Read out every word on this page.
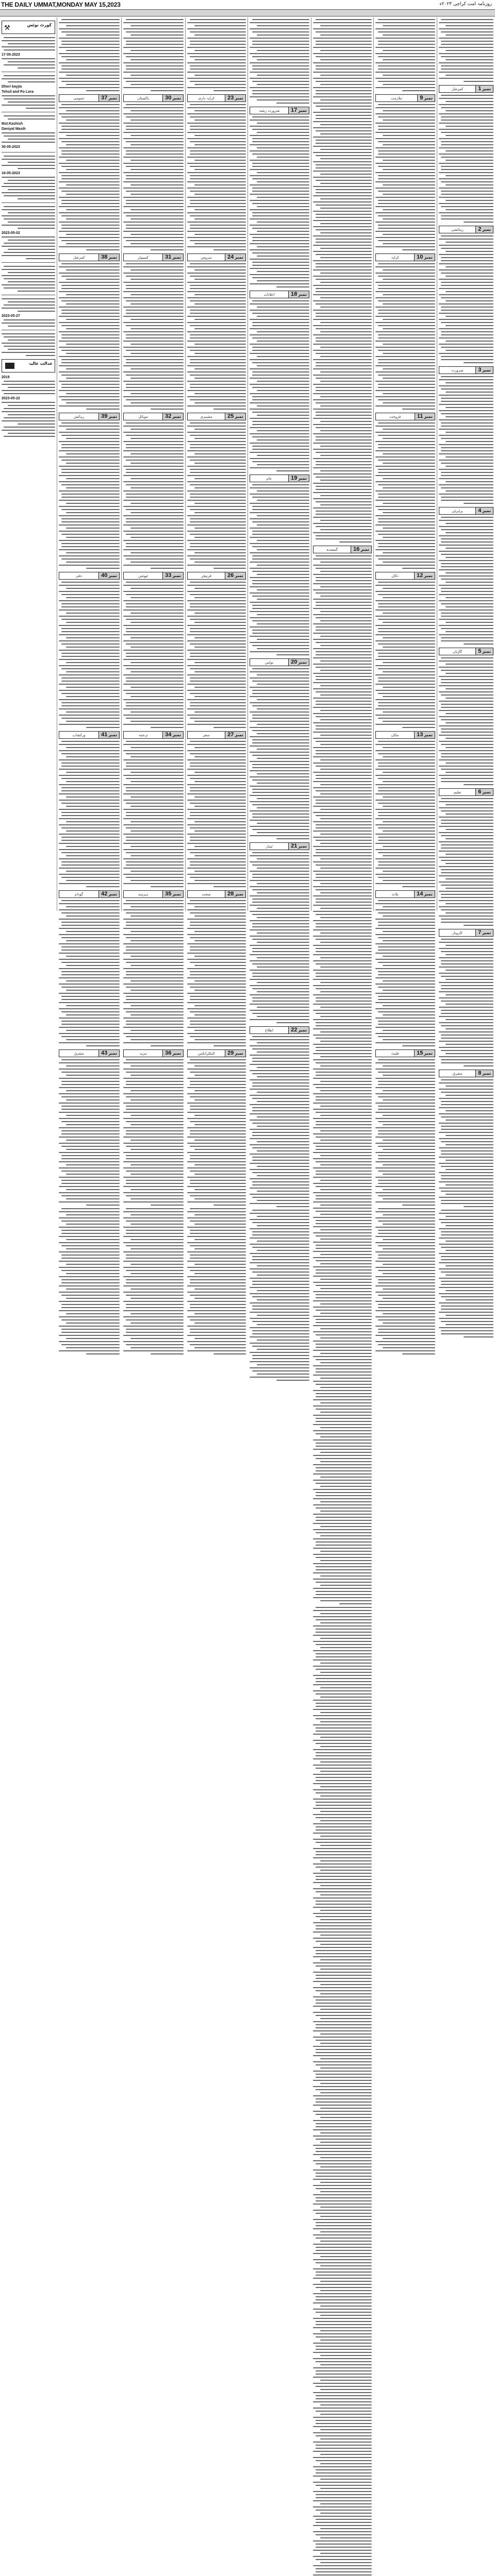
THE DAILY UMMAT,MONDAY MAY 15,2023	روزنامہ امت کراچی ۲۰۲۳ء
⚒	کورٹ نوٹس
17-05-2023
Dheri kayjia
Tehsil and Po Lora
Mst.Kashish
Daniyal Masih
30-05-2023
16-05-2023
2023-05-02
2023-05-27
عدالت عالیہ
2019
2023-05-22
نمبر37
عمومی
نمبر38
کمرشل
نمبر39
رہائش
نمبر40
دفتر
نمبر41
ورکشاپ
نمبر42
گودام
نمبر43
متفرق
نمبر30
پاکستان
نمبر31
کمپیوٹر
نمبر32
موبائل
نمبر33
ٹیوشن
نمبر34
ترجمہ
نمبر35
ہنرمند
نمبر36
مزید
نمبر23
کرایہ داری
نمبر24
سروس
نمبر25
مشینری
نمبر26
فرنیچر
نمبر27
سفر
نمبر28
صحت
نمبر29
الیکٹرانکس
نمبر17
ضرورت رشتہ
نمبر18
اعلانات
نمبر19
عام
نمبر20
نوٹس
نمبر21
ٹینڈر
نمبر22
اطلاع
نمبر16
گمشدہ
نمبر9
ملازمت
نمبر10
کرایہ
نمبر11
فروخت
نمبر12
دکان
نمبر13
مکان
نمبر14
پلاٹ
نمبر15
فلیٹ
نمبر1
کمرشل
نمبر2
رہائشی
نمبر3
ضرورت
نمبر4
پراپرٹی
نمبر5
گاڑیاں
نمبر6
تعلیم
نمبر7
کاروبار
نمبر8
متفرق
